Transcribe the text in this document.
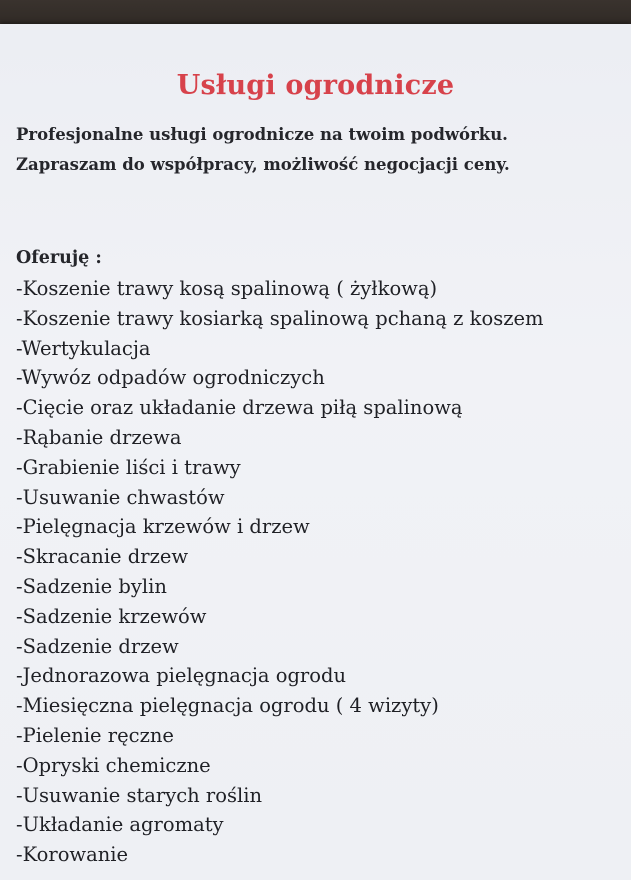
Usługi ogrodnicze
Profesjonalne usługi ogrodnicze na twoim podwórku.
Zapraszam do współpracy, możliwość negocjacji ceny.
Oferuję :
-Koszenie trawy kosą spalinową ( żyłkową)
-Koszenie trawy kosiarką spalinową pchaną z koszem
-Wertykulacja
-Wywóz odpadów ogrodniczych
-Cięcie oraz układanie drzewa piłą spalinową
-Rąbanie drzewa
-Grabienie liści i trawy
-Usuwanie chwastów
-Pielęgnacja krzewów i drzew
-Skracanie drzew
-Sadzenie bylin
-Sadzenie krzewów
-Sadzenie drzew
-Jednorazowa pielęgnacja ogrodu
-Miesięczna pielęgnacja ogrodu ( 4 wizyty)
-Pielenie ręczne
-Opryski chemiczne
-Usuwanie starych roślin
-Układanie agromaty
-Korowanie
